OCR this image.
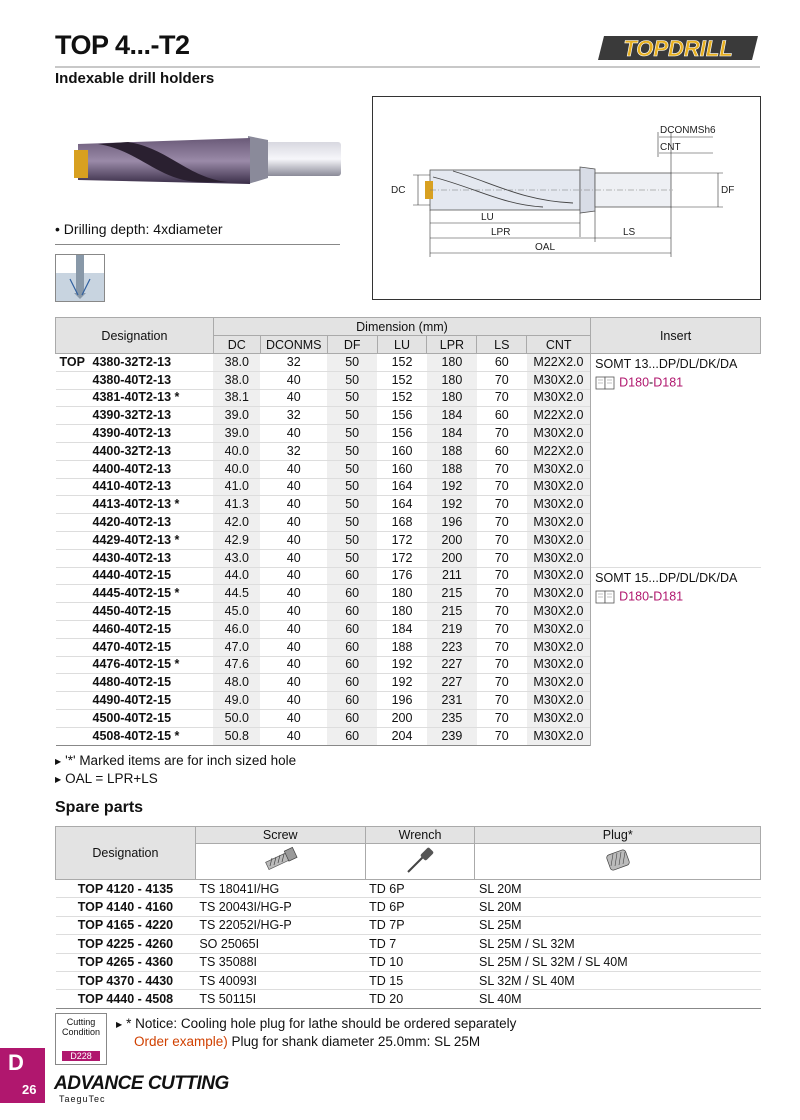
TOP 4...-T2
Indexable drill holders
TOPDRILL
• Drilling depth: 4xdiameter
DC	DF
DCONMSh6
CNT
LU
LPR	LS
OAL
Designation	Dimension (mm)							Insert
	DC	DCONMS	DF	LU	LPR	LS	CNT	
TOP 4380-32T2-13	38.0	32	50	152	180	60	M22X2.0	SOMT 13...DP/DL/DK/DA
D180-D181

4380-40T2-13	38.0	40	50	152	180	70	M30X2.0	
4381-40T2-13 *	38.1	40	50	152	180	70	M30X2.0	
4390-32T2-13	39.0	32	50	156	184	60	M22X2.0	
4390-40T2-13	39.0	40	50	156	184	70	M30X2.0	
4400-32T2-13	40.0	32	50	160	188	60	M22X2.0	
4400-40T2-13	40.0	40	50	160	188	70	M30X2.0	
4410-40T2-13	41.0	40	50	164	192	70	M30X2.0	
4413-40T2-13 *	41.3	40	50	164	192	70	M30X2.0	
4420-40T2-13	42.0	40	50	168	196	70	M30X2.0	
4429-40T2-13 *	42.9	40	50	172	200	70	M30X2.0	
4430-40T2-13	43.0	40	50	172	200	70	M30X2.0	
4440-40T2-15	44.0	40	60	176	211	70	M30X2.0	SOMT 15...DP/DL/DK/DA
D180-D181

4445-40T2-15 *	44.5	40	60	180	215	70	M30X2.0	
4450-40T2-15	45.0	40	60	180	215	70	M30X2.0	
4460-40T2-15	46.0	40	60	184	219	70	M30X2.0	
4470-40T2-15	47.0	40	60	188	223	70	M30X2.0	
4476-40T2-15 *	47.6	40	60	192	227	70	M30X2.0	
4480-40T2-15	48.0	40	60	192	227	70	M30X2.0	
4490-40T2-15	49.0	40	60	196	231	70	M30X2.0	
4500-40T2-15	50.0	40	60	200	235	70	M30X2.0	
4508-40T2-15 *	50.8	40	60	204	239	70	M30X2.0	
▶ '*' Marked items are for inch sized hole
▶ OAL = LPR+LS
Spare parts
Designation	Screw	Wrench	Plug*

TOP 4120 - 4135	TS 18041I/HG	TD 6P	SL 20M
TOP 4140 - 4160	TS 20043I/HG-P	TD 6P	SL 20M
TOP 4165 - 4220	TS 22052I/HG-P	TD 7P	SL 25M
TOP 4225 - 4260	SO 25065I	TD 7	SL 25M / SL 32M
TOP 4265 - 4360	TS 35088I	TD 10	SL 25M / SL 32M / SL 40M
TOP 4370 - 4430	TS 40093I	TD 15	SL 32M / SL 40M
TOP 4440 - 4508	TS 50115I	TD 20	SL 40M
Cutting
Condition
D228
▶ * Notice: Cooling hole plug for lathe should be ordered separately
Order example) Plug for shank diameter 25.0mm: SL 25M
D
26 ADVANCE CUTTING
TaeguTec
